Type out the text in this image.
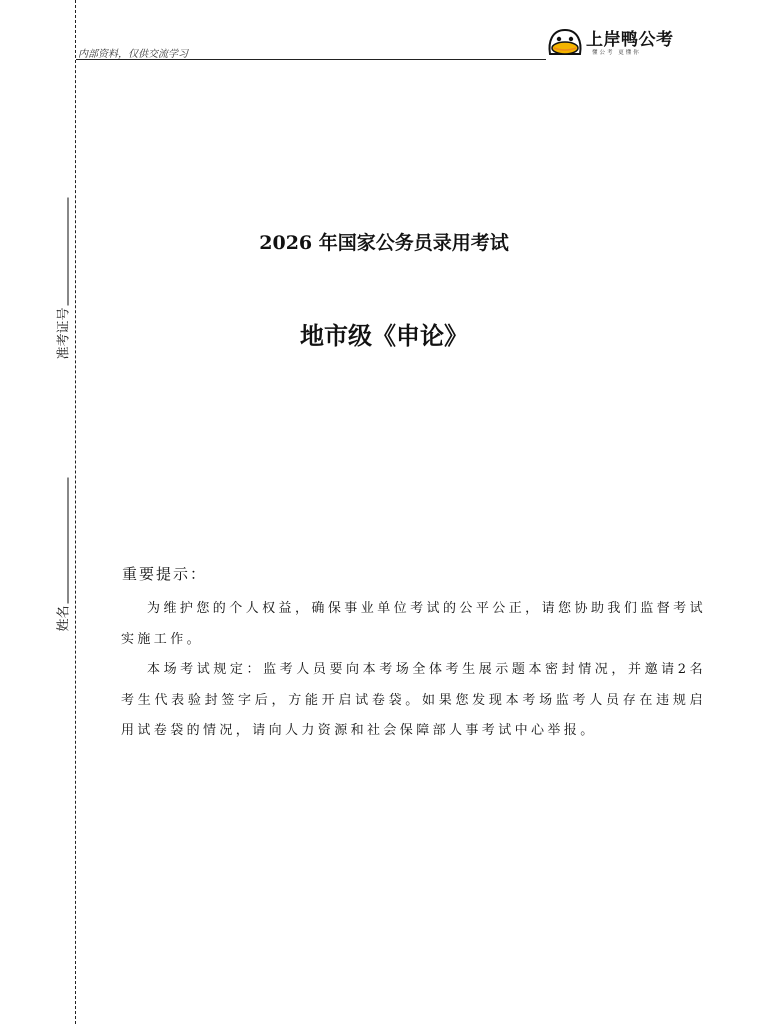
内部资料，仅供交流学习
上岸鸭公考
懂公考 更懂你
准考证号
姓名
2026 年国家公务员录用考试
地市级《申论》
重要提示：

为维护您的个人权益，确保事业单位考试的公平公正，请您协助我们监督考试实施工作。

本场考试规定：监考人员要向本考场全体考生展示题本密封情况，并邀请2名考生代表验封签字后，方能开启试卷袋。如果您发现本考场监考人员存在违规启用试卷袋的情况，请向人力资源和社会保障部人事考试中心举报。
